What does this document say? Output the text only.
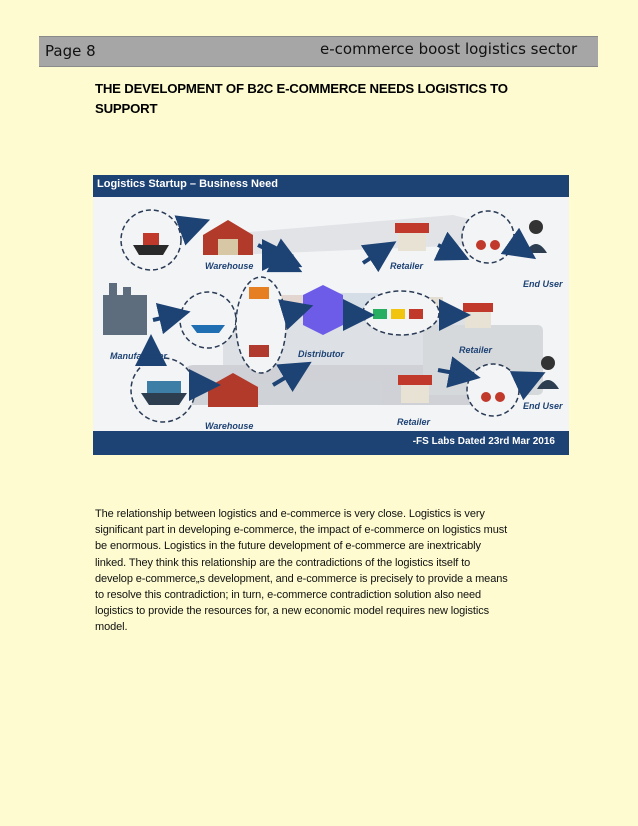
Page 8	e-commerce boost logistics sector
THE DEVELOPMENT OF B2C E-COMMERCE NEEDS LOGISTICS TO
SUPPORT
Logistics Startup – Business Need
Warehouse
Manufacturer	Distributor
Warehouse
Retailer
Retailer
Retailer
End User
End User
-FS Labs Dated 23rd Mar 2016
The relationship between logistics and e-commerce is very close. Logistics is very
significant part in developing e-commerce, the impact of e-commerce on logistics must
be enormous. Logistics in the future development of e-commerce are inextricably
linked. They think this relationship are the contradictions of the logistics itself to
develop e-commerce„s development, and e-commerce is precisely to provide a means
to resolve this contradiction; in turn, e-commerce contradiction solution also need
logistics to provide the resources for, a new economic model requires new logistics
model.
